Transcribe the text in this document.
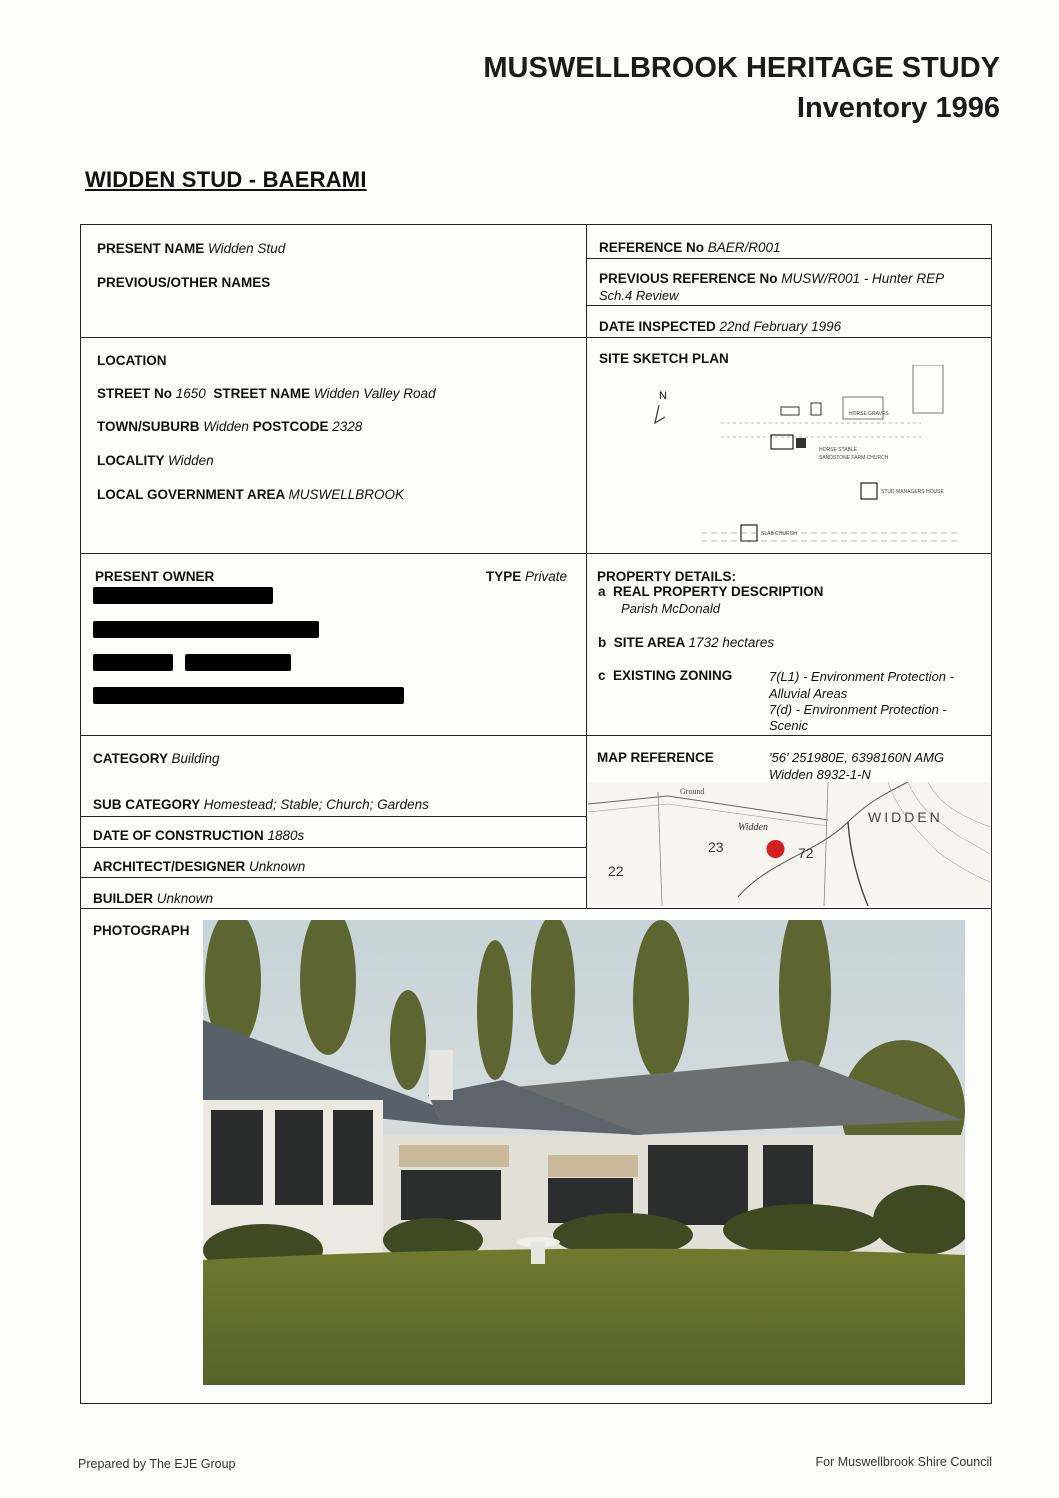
MUSWELLBROOK HERITAGE STUDY
Inventory 1996
WIDDEN STUD - BAERAMI
PRESENT NAME Widden Stud
PREVIOUS/OTHER NAMES
REFERENCE No BAER/R001
PREVIOUS REFERENCE No MUSW/R001 - Hunter REP
Sch.4 Review
DATE INSPECTED 22nd February 1996
LOCATION
STREET No 1650 STREET NAME Widden Valley Road
TOWN/SUBURB Widden POSTCODE 2328
LOCALITY Widden
LOCAL GOVERNMENT AREA MUSWELLBROOK
SITE SKETCH PLAN
N
HORSE GRAVES
HORSE STABLE
SANDSTONE FARM CHURCH
STUD MANAGERS HOUSE
SLAB CHURCH
PRESENT OWNER	TYPE Private PROPERTY DETAILS:
a REAL PROPERTY DESCRIPTION
Parish McDonald
b SITE AREA 1732 hectares
c EXISTING ZONING	7(L1) - Environment Protection -
Alluvial Areas
7(d) - Environment Protection -
Scenic
CATEGORY Building
SUB CATEGORY Homestead; Stable; Church; Gardens
DATE OF CONSTRUCTION 1880s
ARCHITECT/DESIGNER Unknown
BUILDER Unknown
MAP REFERENCE	'56' 251980E, 6398160N AMG
Widden 8932-1-N
Ground
Widden
WIDDEN
23	72
22
PHOTOGRAPH
Prepared by The EJE Group	For Muswellbrook Shire Council
